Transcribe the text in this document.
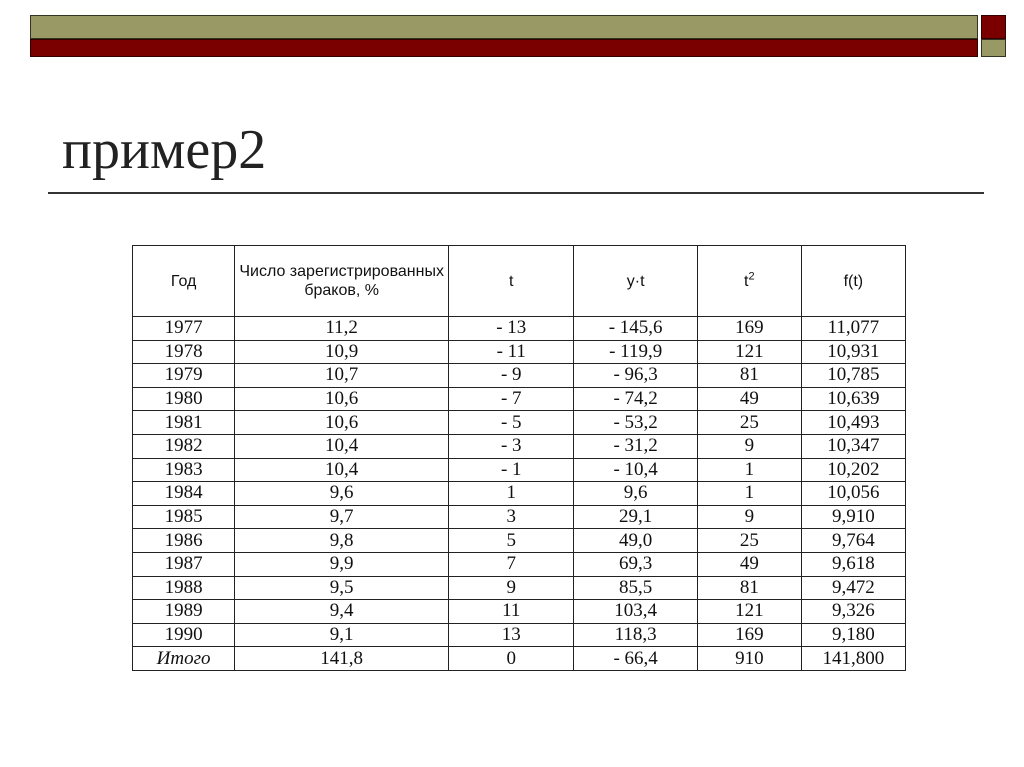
пример2
Год	Число зарегистрированных браков, %	t	y·t	$t^2$	f(t)
1977	11,2	- 13	- 145,6	169	11,077
1978	10,9	- 11	- 119,9	121	10,931
1979	10,7	- 9	- 96,3	81	10,785
1980	10,6	- 7	- 74,2	49	10,639
1981	10,6	- 5	- 53,2	25	10,493
1982	10,4	- 3	- 31,2	9	10,347
1983	10,4	- 1	- 10,4	1	10,202
1984	9,6	1	9,6	1	10,056
1985	9,7	3	29,1	9	9,910
1986	9,8	5	49,0	25	9,764
1987	9,9	7	69,3	49	9,618
1988	9,5	9	85,5	81	9,472
1989	9,4	11	103,4	121	9,326
1990	9,1	13	118,3	169	9,180
Итого	141,8	0	- 66,4	910	141,800
